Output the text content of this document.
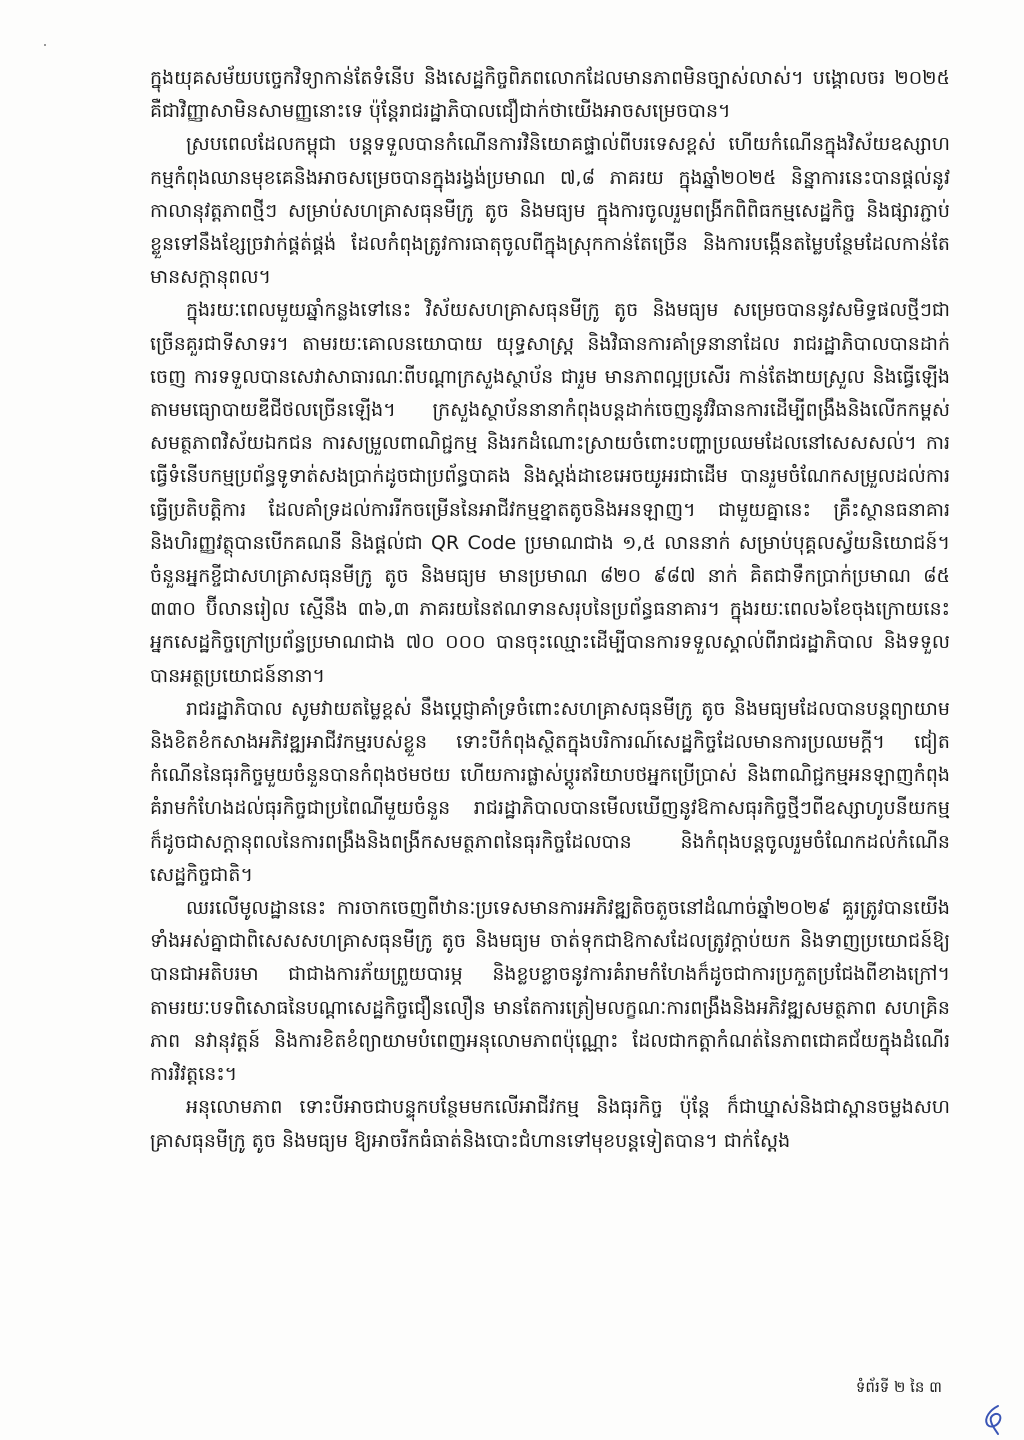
ក្នុងយុគសម័យបច្ចេកវិទ្យាកាន់តែទំនើប និងសេដ្ឋកិច្ចពិភពលោកដែលមានភាពមិនច្បាស់លាស់។ បង្គោលចរ ២០២៥ គឺជាវិញ្ញាសាមិនសាមញ្ញនោះទេ ប៉ុន្តែរាជរដ្ឋាភិបាលជឿជាក់ថាយើងអាចសម្រេចបាន។

ស្របពេលដែលកម្ពុជា បន្តទទួលបានកំណើនការវិនិយោគផ្ទាល់ពីបរទេសខ្ពស់ ហើយកំណើនក្នុងវិស័យឧស្សាហកម្មកំពុងឈានមុខគេនិងអាចសម្រេចបានក្នុងរង្វង់ប្រមាណ ៧,៨ ភាគរយ ក្នុងឆ្នាំ២០២៥ និន្នាការនេះបានផ្តល់នូវកាលានុវត្តភាពថ្មីៗ សម្រាប់សហគ្រាសធុនមីក្រូ តូច និងមធ្យម ក្នុងការចូលរួមពង្រីកពិពិធកម្មសេដ្ឋកិច្ច និងផ្សារភ្ជាប់ខ្លួនទៅនឹងខ្សែច្រវាក់ផ្គត់ផ្គង់ ដែលកំពុងត្រូវការធាតុចូលពីក្នុងស្រុកកាន់តែច្រើន និងការបង្កើនតម្លៃបន្ថែមដែលកាន់តែមានសក្តានុពល។

ក្នុងរយៈពេលមួយឆ្នាំកន្លងទៅនេះ វិស័យសហគ្រាសធុនមីក្រូ តូច និងមធ្យម សម្រេចបាននូវសមិទ្ធផលថ្មីៗជាច្រើនគួរជាទីសាទរ។ តាមរយៈគោលនយោបាយ យុទ្ធសាស្ត្រ និងវិធានការគាំទ្រនានាដែល រាជរដ្ឋាភិបាលបានដាក់ចេញ ការទទួលបានសេវាសាធារណៈពីបណ្តាក្រសួងស្ថាប័ន ជារួម មានភាពល្អប្រសើរ កាន់តែងាយស្រួល និងធ្វើឡើងតាមមធ្យោបាយឌីជីថលច្រើនឡើង។ ក្រសួងស្ថាប័ននានាកំពុងបន្តដាក់ចេញនូវវិធានការដើម្បីពង្រឹងនិងលើកកម្ពស់សមត្ថភាពវិស័យឯកជន ការសម្រួលពាណិជ្ជកម្ម និងរកដំណោះស្រាយចំពោះបញ្ហាប្រឈមដែលនៅសេសសល់។ ការធ្វើទំនើបកម្មប្រព័ន្ធទូទាត់សងប្រាក់ដូចជាប្រព័ន្ធបាគង និងស្តង់ដាខេអេចយូអរជាដើម បានរួមចំណែកសម្រួលដល់ការធ្វើប្រតិបត្តិការ ដែលគាំទ្រដល់ការរីកចម្រើននៃអាជីវកម្មខ្នាតតូចនិងអនឡាញ។ ជាមួយគ្នានេះ គ្រឹះស្ថានធនាគារនិងហិរញ្ញវត្ថុបានបើកគណនី និងផ្តល់ជា QR Code ប្រមាណជាង ១,៥ លាននាក់ សម្រាប់បុគ្គលស្វ័យនិយោជន៍។ ចំនួនអ្នកខ្ចីជាសហគ្រាសធុនមីក្រូ តូច និងមធ្យម មានប្រមាណ ៨២០ ៩៨៧ នាក់ គិតជាទឹកប្រាក់ប្រមាណ ៨៥ ៣៣០ ប៊ីលានរៀល ស្មើនឹង ៣៦,៣ ភាគរយនៃឥណទានសរុបនៃប្រព័ន្ធធនាគារ។ ក្នុងរយៈពេល៦ខែចុងក្រោយនេះ អ្នកសេដ្ឋកិច្ចក្រៅប្រព័ន្ធប្រមាណជាង ៧០ ០០០ បានចុះឈ្មោះដើម្បីបានការទទួលស្គាល់ពីរាជរដ្ឋាភិបាល និងទទួលបានអត្ថប្រយោជន៍នានា។

រាជរដ្ឋាភិបាល សូមវាយតម្លៃខ្ពស់ នឹងប្តេជ្ញាគាំទ្រចំពោះសហគ្រាសធុនមីក្រូ តូច និងមធ្យមដែលបានបន្តព្យាយាមនិងខិតខំកសាងអភិវឌ្ឍអាជីវកម្មរបស់ខ្លួន ទោះបីកំពុងស្ថិតក្នុងបរិការណ៍សេដ្ឋកិច្ចដែលមានការប្រឈមក្តី។ ជៀតកំណើននៃធុរកិច្ចមួយចំនួនបានកំពុងថមថយ ហើយការផ្លាស់ប្តូរឥរិយាបថអ្នកប្រើប្រាស់ និងពាណិជ្ជកម្មអនឡាញកំពុងគំរាមកំហែងដល់ធុរកិច្ចជាប្រពៃណីមួយចំនួន រាជរដ្ឋាភិបាលបានមើលឃើញនូវឱកាសធុរកិច្ចថ្មីៗពីឧស្សាហូបនីយកម្ម ក៏ដូចជាសក្តានុពលនៃការពង្រឹងនិងពង្រីកសមត្ថភាពនៃធុរកិច្ចដែលបាន និងកំពុងបន្តចូលរួមចំណែកដល់កំណើនសេដ្ឋកិច្ចជាតិ។

ឈរលើមូលដ្ឋាននេះ ការចាកចេញពីឋានៈប្រទេសមានការអភិវឌ្ឍតិចតួចនៅដំណាច់ឆ្នាំ២០២៩ គួរត្រូវបានយើងទាំងអស់គ្នាជាពិសេសសហគ្រាសធុនមីក្រូ តូច និងមធ្យម ចាត់ទុកជាឱកាសដែលត្រូវក្តាប់យក និងទាញប្រយោជន៍ឱ្យបានជាអតិបរមា ជាជាងការភ័យព្រួយបារម្ភ និងខ្លបខ្លាចនូវការគំរាមកំហែងក៏ដូចជាការប្រកួតប្រជែងពីខាងក្រៅ។ តាមរយៈបទពិសោធនៃបណ្តាសេដ្ឋកិច្ចជឿនលឿន មានតែការត្រៀមលក្ខណៈការពង្រឹងនិងអភិវឌ្ឍសមត្ថភាព សហគ្រិនភាព នវានុវត្តន៍ និងការខិតខំព្យាយាមបំពេញអនុលោមភាពប៉ុណ្ណោះ ដែលជាកត្តាកំណត់នៃភាពជោគជ័យក្នុងដំណើរការវិវត្តនេះ។

អនុលោមភាព ទោះបីអាចជាបន្ទុកបន្ថែមមកលើអាជីវកម្ម និងធុរកិច្ច ប៉ុន្តែ ក៏ជាឃ្នាស់និងជាស្ពានចម្លងសហគ្រាសធុនមីក្រូ តូច និងមធ្យម ឱ្យអាចរីកធំធាត់និងបោះជំហានទៅមុខបន្តទៀតបាន។ ជាក់ស្តែង

ទំព័រទី ២ នៃ ៣
